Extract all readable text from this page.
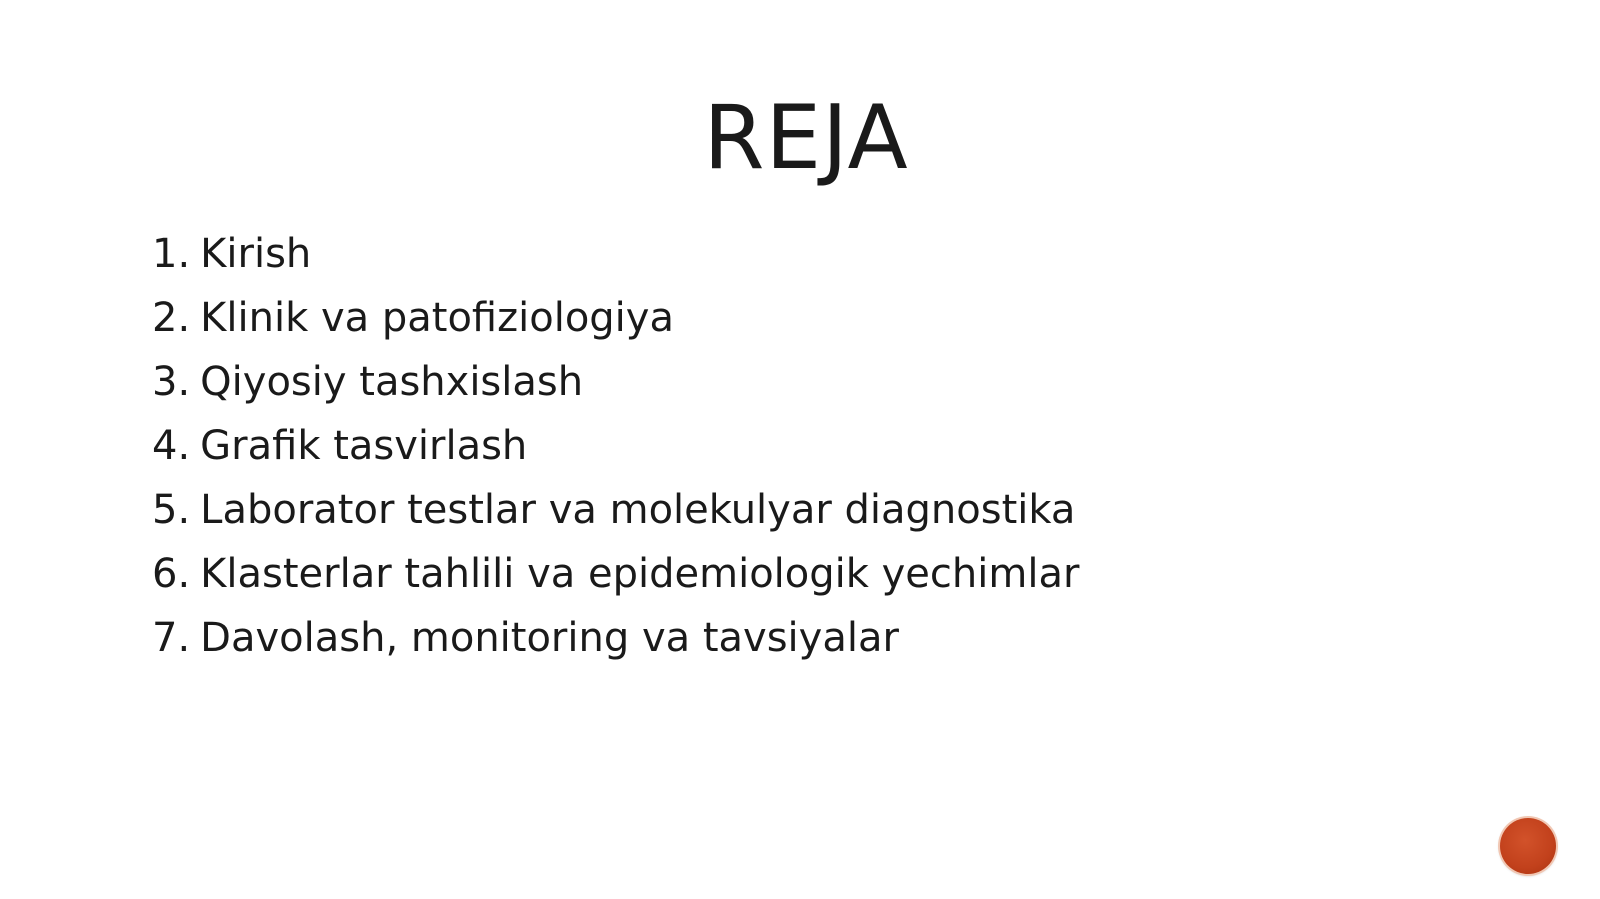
REJA
1. Kirish
2. Klinik va patofiziologiya
3. Qiyosiy tashxislash
4. Grafik tasvirlash
5. Laborator testlar va molekulyar diagnostika
6. Klasterlar tahlili va epidemiologik yechimlar
7. Davolash, monitoring va tavsiyalar
